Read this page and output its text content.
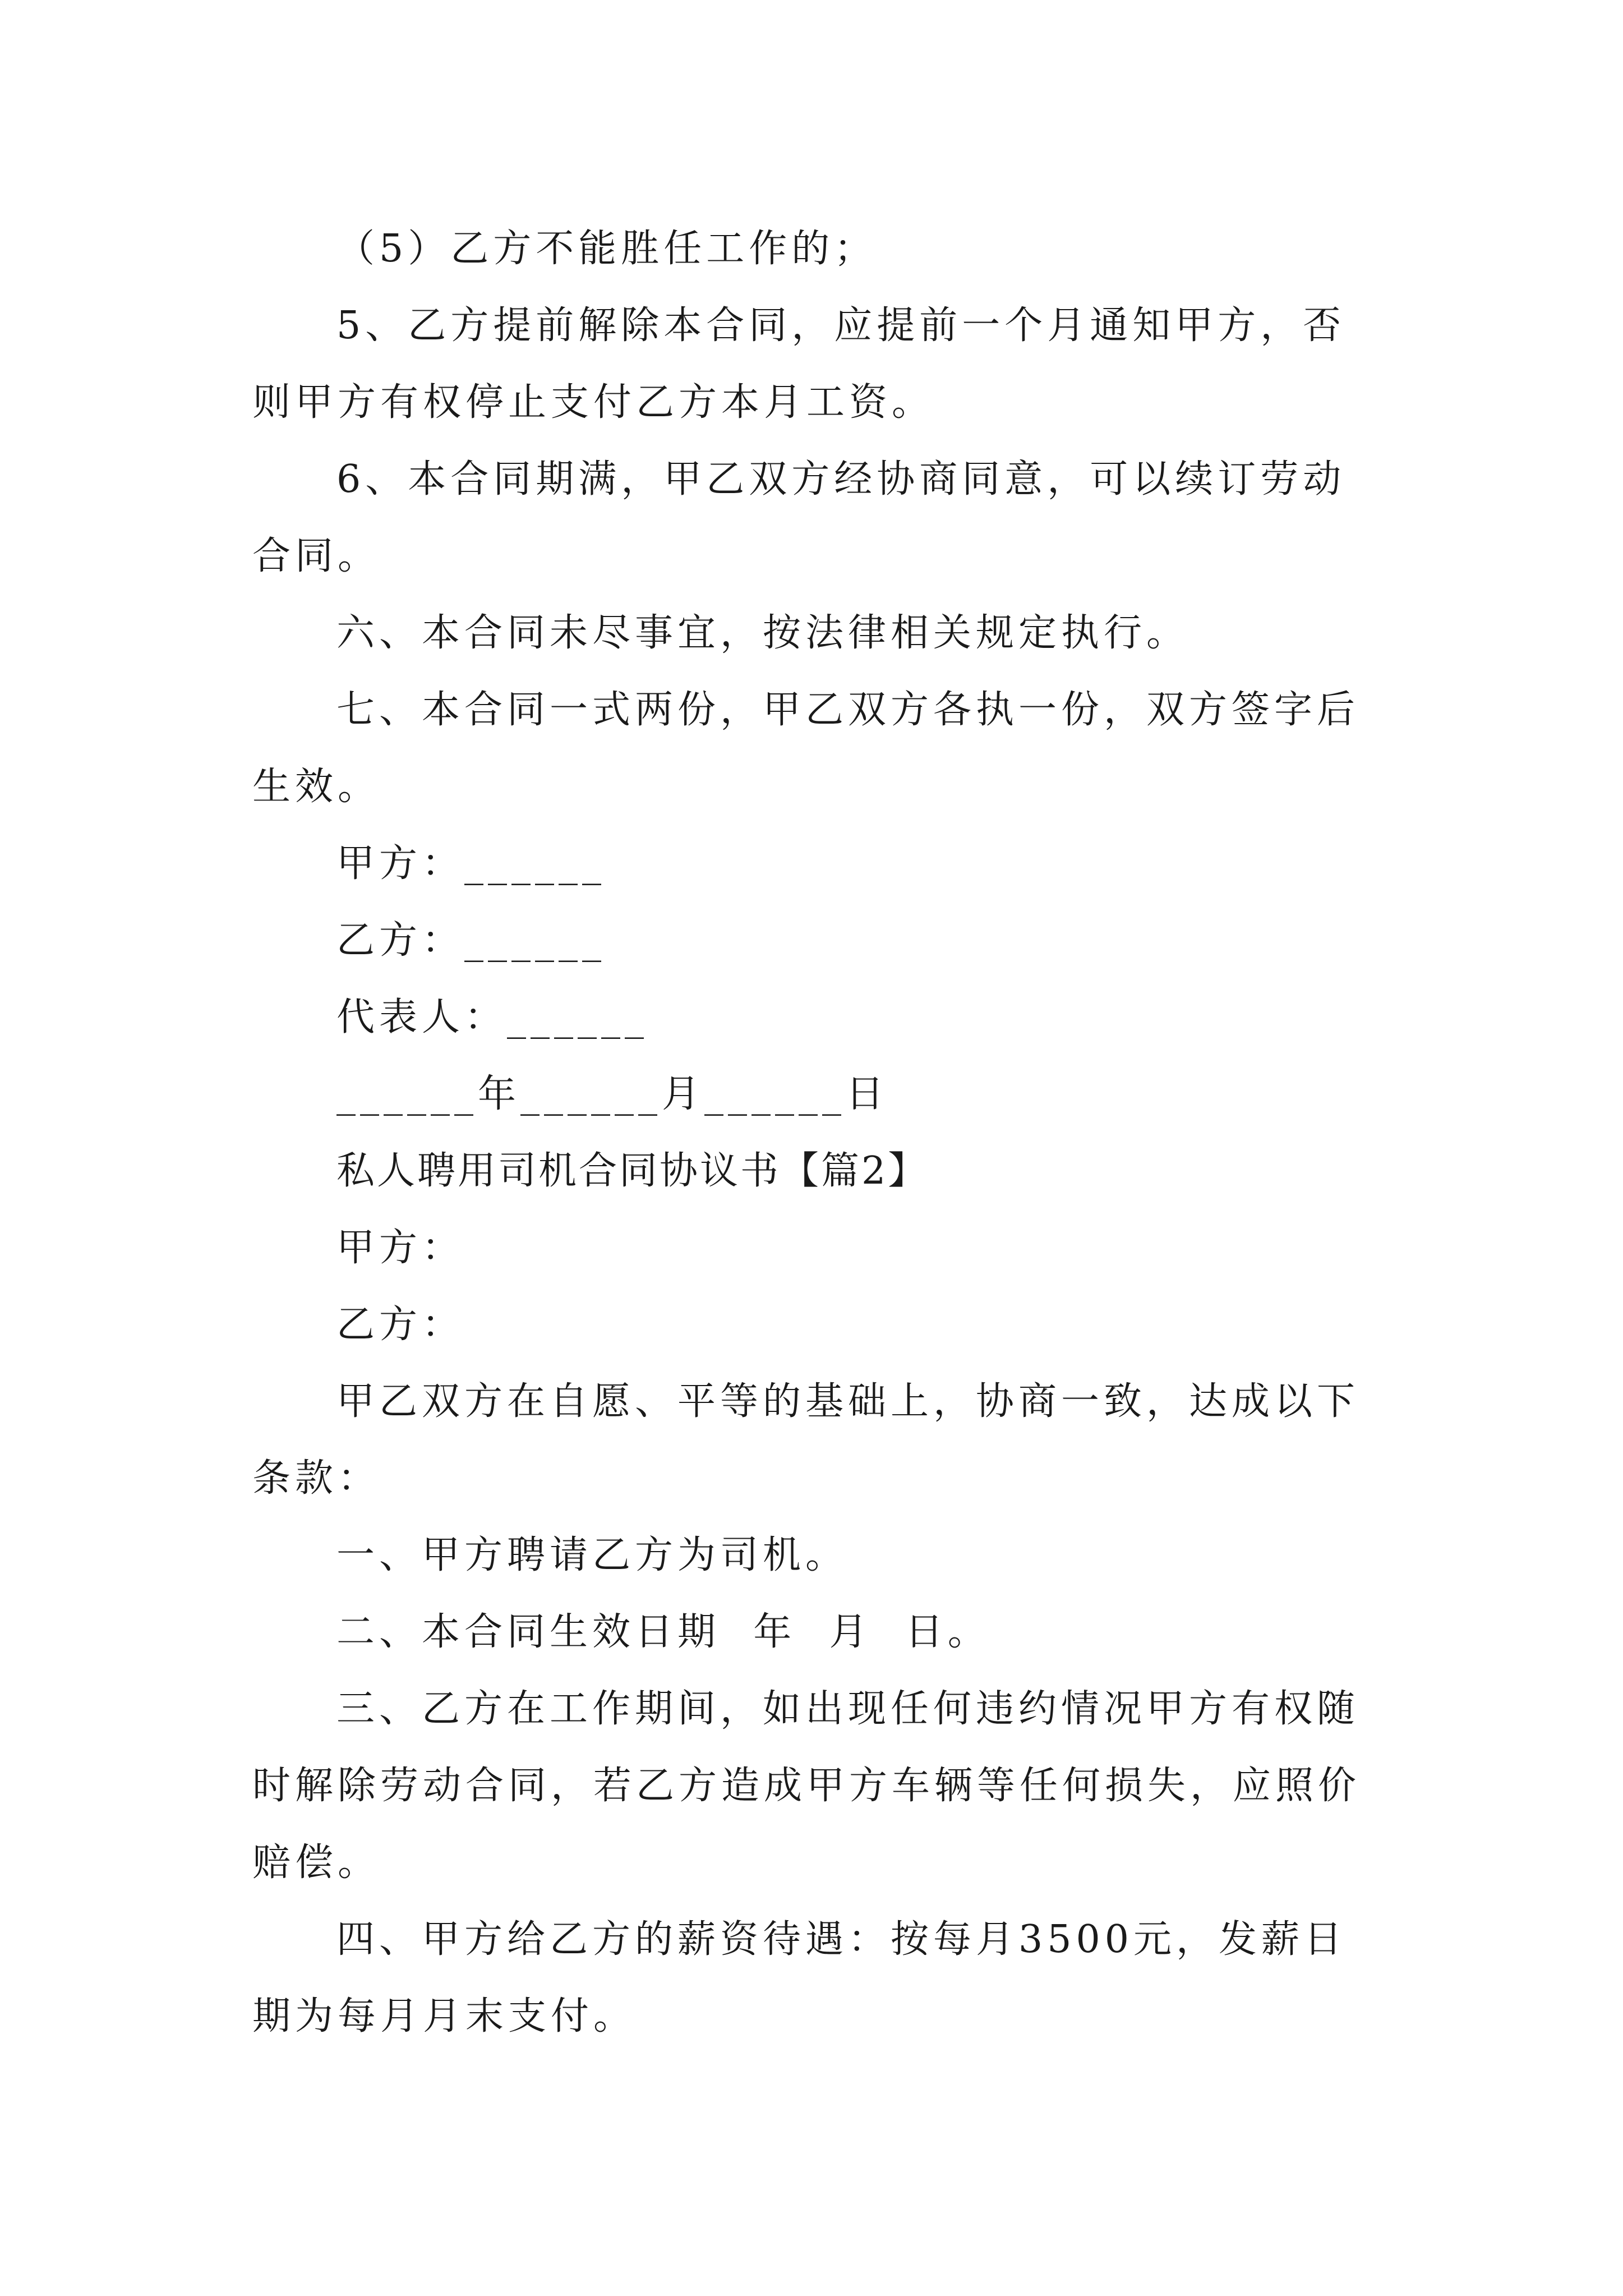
（5）乙方不能胜任工作的；

5、乙方提前解除本合同，应提前一个月通知甲方，否则甲方有权停止支付乙方本月工资。

6、本合同期满，甲乙双方经协商同意，可以续订劳动合同。

六、本合同未尽事宜，按法律相关规定执行。

七、本合同一式两份，甲乙双方各执一份，双方签字后生效。

甲方：______

乙方：______

代表人：______

______年______月______日

私人聘用司机合同协议书【篇2】

甲方：

乙方：

甲乙双方在自愿、平等的基础上，协商一致，达成以下条款：

一、甲方聘请乙方为司机。

二、本合同生效日期  年  月  日。

三、乙方在工作期间，如出现任何违约情况甲方有权随时解除劳动合同，若乙方造成甲方车辆等任何损失，应照价赔偿。

四、甲方给乙方的薪资待遇：按每月3500元，发薪日期为每月月末支付。
